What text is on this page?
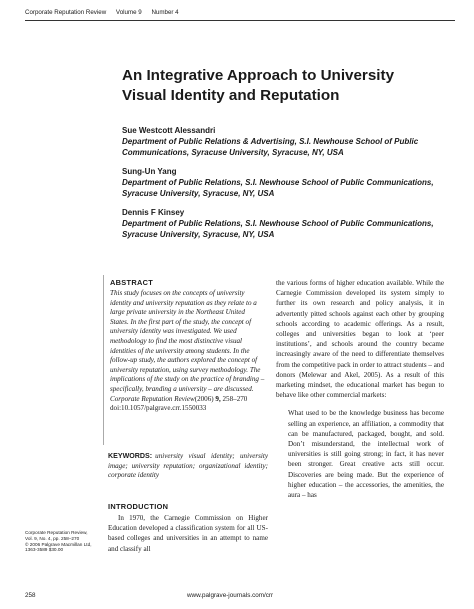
Corporate Reputation Review Volume 9 Number 4
An Integrative Approach to University Visual Identity and Reputation
Sue Westcott Alessandri
Department of Public Relations & Advertising, S.I. Newhouse School of Public Communications, Syracuse University, Syracuse, NY, USA
Sung-Un Yang
Department of Public Relations, S.I. Newhouse School of Public Communications, Syracuse University, Syracuse, NY, USA
Dennis F Kinsey
Department of Public Relations, S.I. Newhouse School of Public Communications, Syracuse University, Syracuse, NY, USA
ABSTRACT
This study focuses on the concepts of university identity and university reputation as they relate to a large private university in the Northeast United States. In the first part of the study, the concept of university identity was investigated. We used methodology to find the most distinctive visual identities of the university among students. In the follow-up study, the authors explored the concept of university reputation, using survey methodology. The implications of the study on the practice of branding – specifically, branding a university – are discussed.
Corporate Reputation Review(2006) 9, 258–270
doi:10.1057/palgrave.crr.1550033
KEYWORDS: university visual identity; university image; university reputation; organizational identity; corporate identity
INTRODUCTION
In 1970, the Carnegie Commission on Higher Education developed a classification system for all US-based colleges and universities in an attempt to name and classify all
Corporate Reputation Review,
Vol. 9, No. 4, pp. 258–270
© 2006 Palgrave Macmillan Ltd,
1363-3589 $30.00
the various forms of higher education available. While the Carnegie Commission developed its system simply to further its own research and policy analysis, it in advertently pitted schools against each other by grouping schools according to academic offerings. As a result, colleges and universities began to look at ‘peer institutions’, and schools around the country became increasingly aware of the need to differentiate themselves from the competitive pack in order to attract students – and donors (Melewar and Akel, 2005). As a result of this marketing mindset, the educational market has begun to behave like other commercial markets:
What used to be the knowledge business has become selling an experience, an affiliation, a commodity that can be manufactured, packaged, bought, and sold. Don’t misunderstand, the intellectual work of universities is still going strong; in fact, it has never been stronger. Great creative acts still occur. Discoveries are being made. But the experience of higher education – the accessories, the amenities, the aura – has
258	www.palgrave-journals.com/crr
